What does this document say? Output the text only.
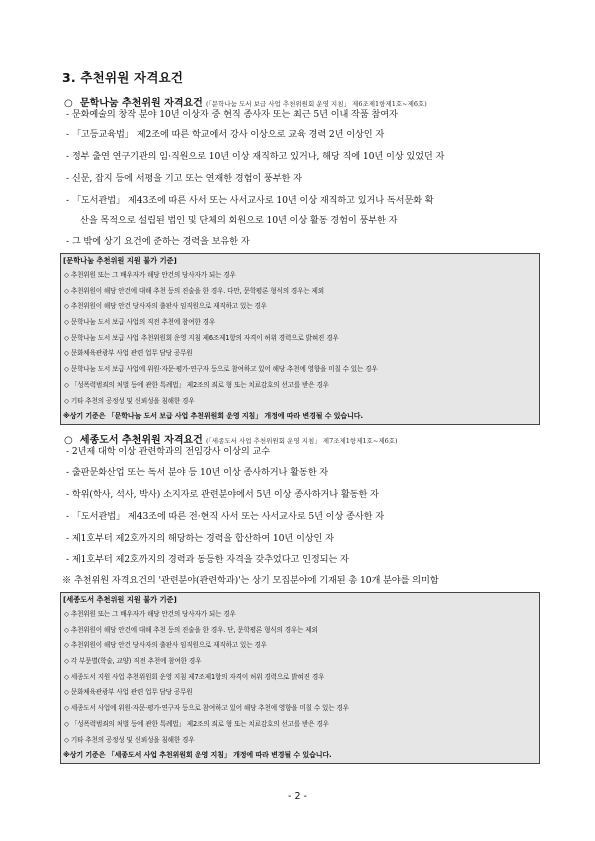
3. 추천위원 자격요건
○ 문학나눔 추천위원 자격요건 (「문학나눔 도서 보급 사업 추천위원회 운영 지침」 제6조제1항제1호~제6호)
- 문화예술의 창작 분야 10년 이상자 중 현직 종사자 또는 최근 5년 이내 작품 참여자
- 「고등교육법」 제2조에 따른 학교에서 강사 이상으로 교육 경력 2년 이상인 자
- 정부 출연 연구기관의 임·직원으로 10년 이상 재직하고 있거나, 해당 직에 10년 이상 있었던 자
- 신문, 잡지 등에 서평을 기고 또는 연재한 경험이 풍부한 자
- 「도서관법」 제43조에 따른 사서 또는 사서교사로 10년 이상 재직하고 있거나 독서문화 확
산을 목적으로 설립된 법인 및 단체의 회원으로 10년 이상 활동 경험이 풍부한 자
- 그 밖에 상기 요건에 준하는 경력을 보유한 자
[문학나눔 추천위원 지원 불가 기준]
◇ 추천위원 또는 그 배우자가 해당 안건의 당사자가 되는 경우
◇ 추천위원이 해당 안건에 대해 추천 등의 진술을 한 경우. 다만, 문학평론 형식의 경우는 제외
◇ 추천위원이 해당 안건 당사자의 출판사 임직원으로 재직하고 있는 경우
◇ 문학나눔 도서 보급 사업의 직전 추천에 참여한 경우
◇ 문학나눔 도서 보급 사업 추천위원회 운영 지침 제6조제1항의 자격이 허위 경력으로 밝혀진 경우
◇ 문화체육관광부 사업 관련 업무 담당 공무원
◇ 문학나눔 도서 보급 사업에 위원·자문·평가·연구자 등으로 참여하고 있어 해당 추천에 영향을 미칠 수 있는 경우
◇ 「성폭력범죄의 처벌 등에 관한 특례법」 제2조의 죄로 형 또는 치료감호의 선고를 받은 경우
◇ 기타 추천의 공정성 및 신뢰성을 침해한 경우
※상기 기준은 「문학나눔 도서 보급 사업 추천위원회 운영 지침」 개정에 따라 변경될 수 있습니다.
○ 세종도서 추천위원 자격요건 (「세종도서 사업 추천위원회 운영 지침」 제7조제1항제1호~제6호)
- 2년제 대학 이상 관련학과의 전임강사 이상의 교수
- 출판문화산업 또는 독서 분야 등 10년 이상 종사하거나 활동한 자
- 학위(학사, 석사, 박사) 소지자로 관련분야에서 5년 이상 종사하거나 활동한 자
- 「도서관법」 제43조에 따른 전·현직 사서 또는 사서교사로 5년 이상 종사한 자
- 제1호부터 제2호까지의 해당하는 경력을 합산하여 10년 이상인 자
- 제1호부터 제2호까지의 경력과 동등한 자격을 갖추었다고 인정되는 자
※ 추천위원 자격요건의 '관련분야(관련학과)'는 상기 모집분야에 기재된 총 10개 분야를 의미함
[세종도서 추천위원 지원 불가 기준]
◇ 추천위원 또는 그 배우자가 해당 안건의 당사자가 되는 경우
◇ 추천위원이 해당 안건에 대해 추천 등의 진술을 한 경우. 단, 문학평론 형식의 경우는 제외
◇ 추천위원이 해당 안건 당사자의 출판사 임직원으로 재직하고 있는 경우
◇ 각 부문별(학술, 교양) 직전 추천에 참여한 경우
◇ 세종도서 지원 사업 추천위원회 운영 지침 제7조제1항의 자격이 허위 경력으로 밝혀진 경우
◇ 문화체육관광부 사업 관련 업무 담당 공무원
◇ 세종도서 사업에 위원·자문·평가·연구자 등으로 참여하고 있어 해당 추천에 영향을 미칠 수 있는 경우
◇ 「성폭력범죄의 처벌 등에 관한 특례법」 제2조의 죄로 형 또는 치료감호의 선고를 받은 경우
◇ 기타 추천의 공정성 및 신뢰성을 침해한 경우
※상기 기준은 「세종도서 사업 추천위원회 운영 지침」 개정에 따라 변경될 수 있습니다.
- 2 -
